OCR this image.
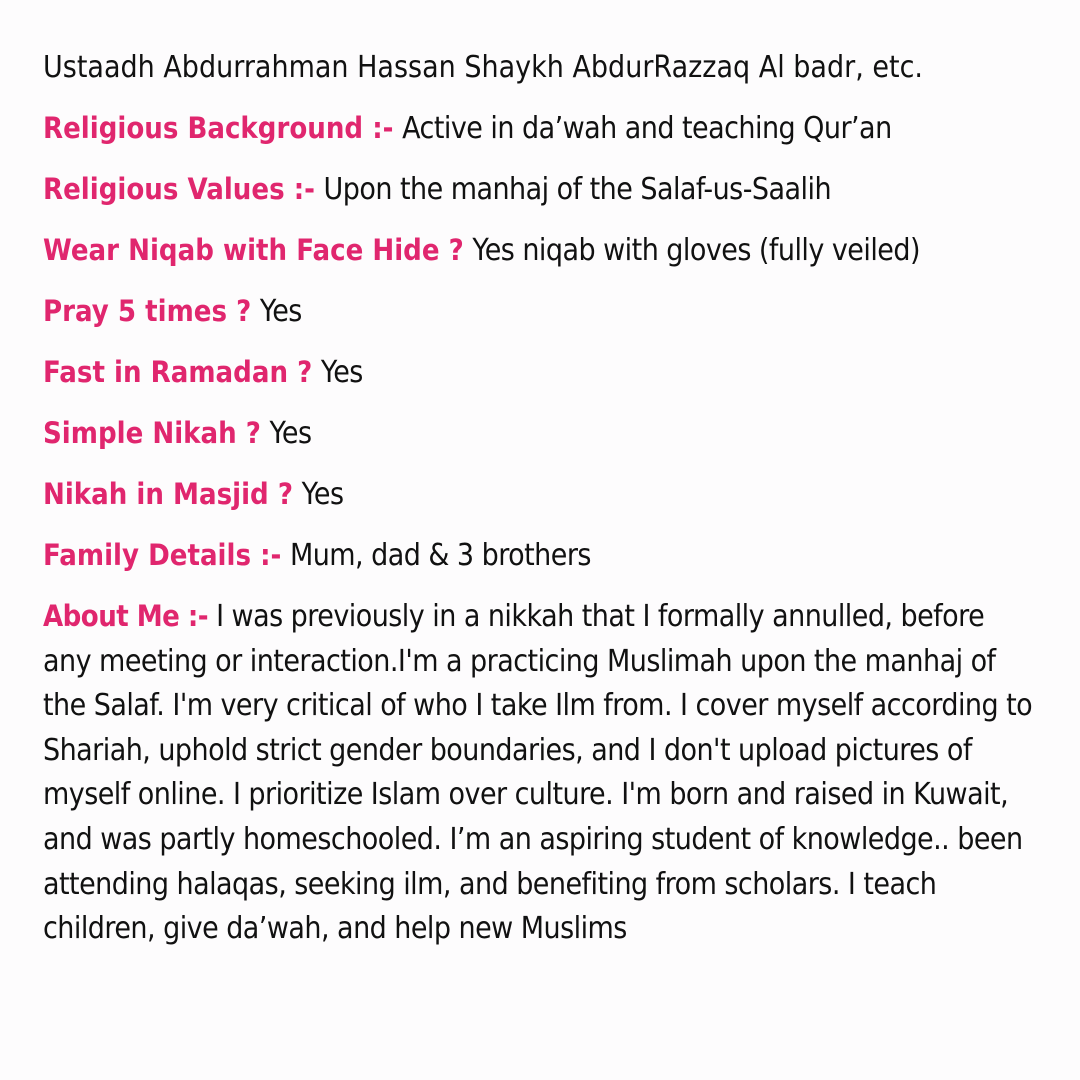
Ustaadh Abdurrahman Hassan Shaykh AbdurRazzaq Al badr, etc.
Religious Background :- Active in da’wah and teaching Qur’an
Religious Values :- Upon the manhaj of the Salaf-us-Saalih
Wear Niqab with Face Hide ? Yes niqab with gloves (fully veiled)
Pray 5 times ? Yes
Fast in Ramadan ? Yes
Simple Nikah ? Yes
Nikah in Masjid ? Yes
Family Details :- Mum, dad & 3 brothers
About Me :- I was previously in a nikkah that I formally annulled, before any meeting or interaction.I'm a practicing Muslimah upon the manhaj of the Salaf. I'm very critical of who I take Ilm from. I cover myself according to Shariah, uphold strict gender boundaries, and I don't upload pictures of myself online. I prioritize Islam over culture. I'm born and raised in Kuwait, and was partly homeschooled. I’m an aspiring student of knowledge.. been attending halaqas, seeking ilm, and benefiting from scholars. I teach children, give da’wah, and help new Muslims
